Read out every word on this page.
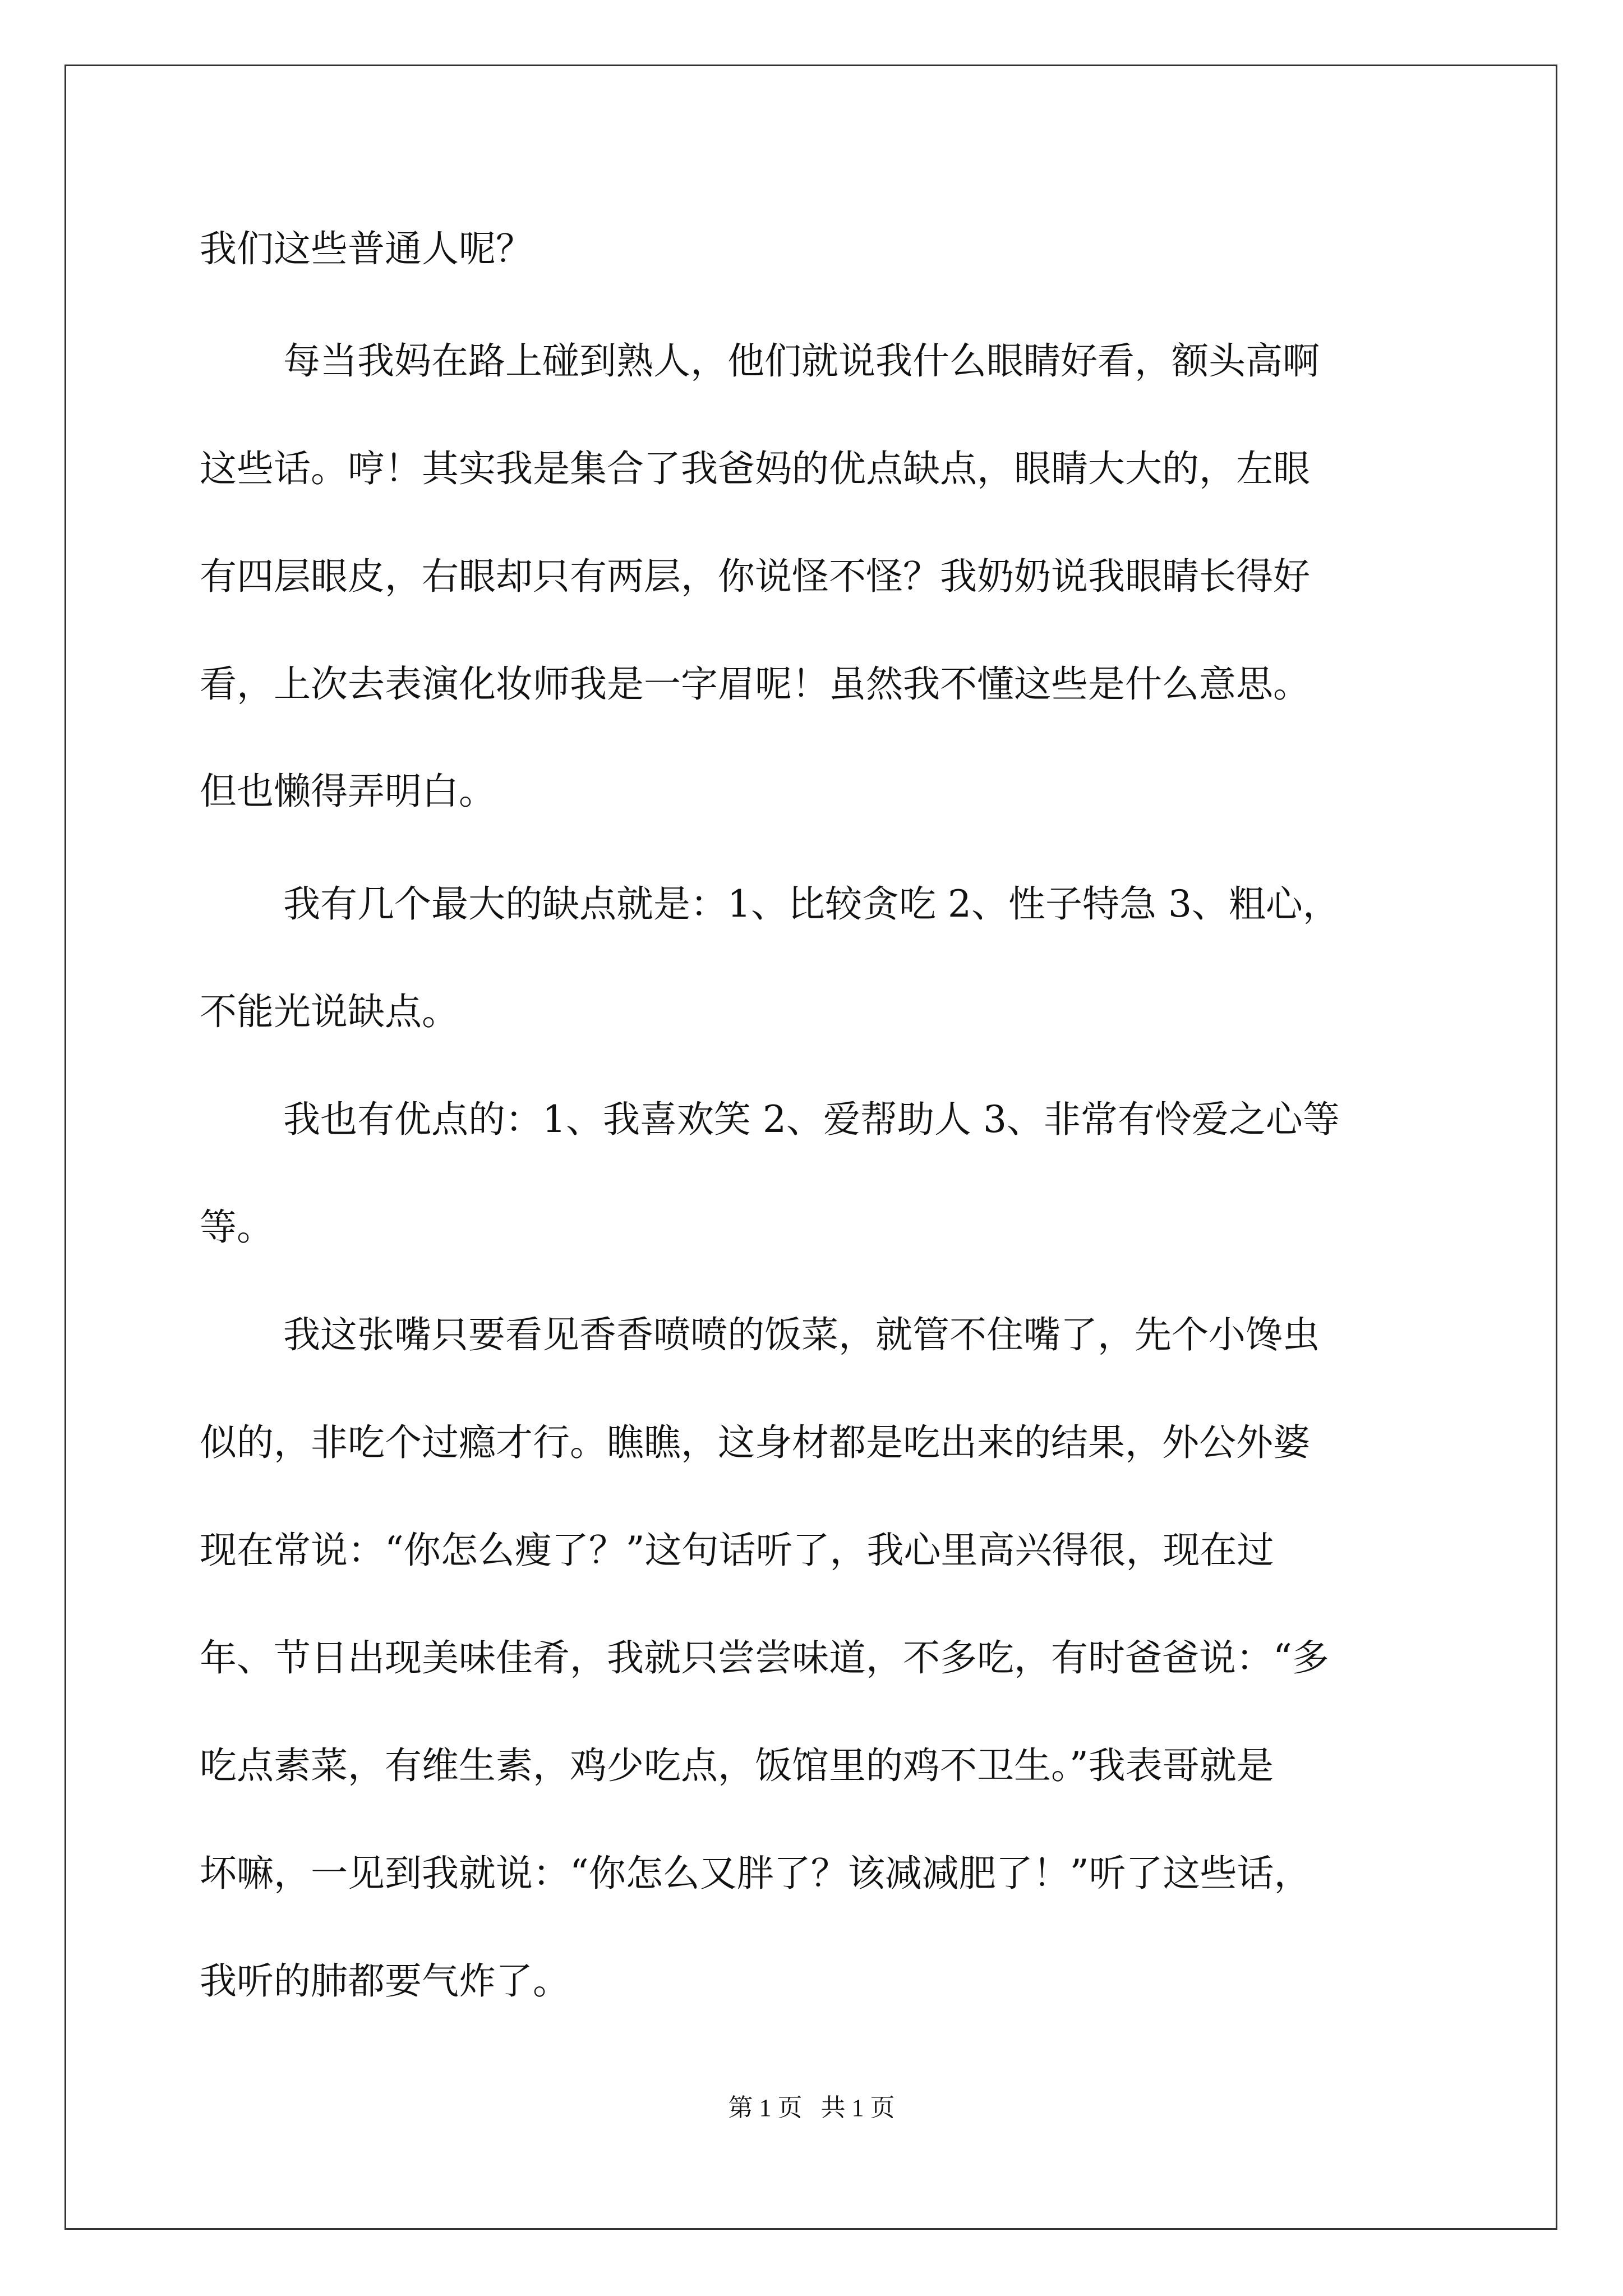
我们这些普通人呢？
每当我妈在路上碰到熟人，他们就说我什么眼睛好看，额头高啊
这些话。哼！其实我是集合了我爸妈的优点缺点，眼睛大大的，左眼
有四层眼皮，右眼却只有两层，你说怪不怪？我奶奶说我眼睛长得好
看，上次去表演化妆师我是一字眉呢！虽然我不懂这些是什么意思。
但也懒得弄明白。
我有几个最大的缺点就是：1、比较贪吃 2、性子特急 3、粗心，
不能光说缺点。
我也有优点的：1、我喜欢笑 2、爱帮助人 3、非常有怜爱之心等
等。
我这张嘴只要看见香香喷喷的饭菜，就管不住嘴了，先个小馋虫
似的，非吃个过瘾才行。瞧瞧，这身材都是吃出来的结果，外公外婆
现在常说：“你怎么瘦了？”这句话听了，我心里高兴得很，现在过
年、节日出现美味佳肴，我就只尝尝味道，不多吃，有时爸爸说：“多
吃点素菜，有维生素，鸡少吃点，饭馆里的鸡不卫生。”我表哥就是
坏嘛，一见到我就说：“你怎么又胖了？该减减肥了！”听了这些话，
我听的肺都要气炸了。
第 1 页   共 1 页
